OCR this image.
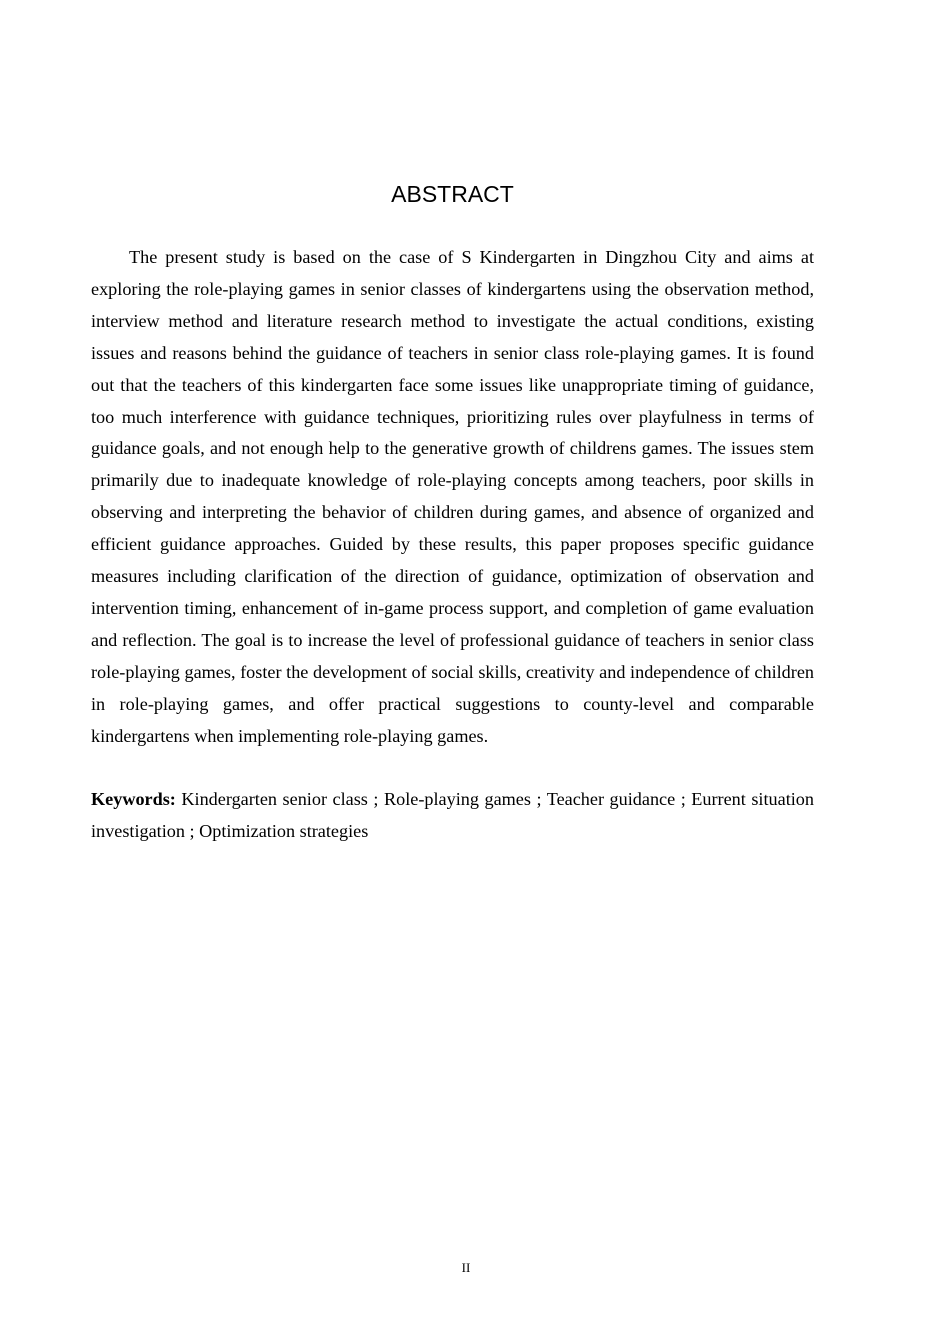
ABSTRACT

The present study is based on the case of S Kindergarten in Dingzhou City and aims at exploring the role-playing games in senior classes of kindergartens using the observation method, interview method and literature research method to investigate the actual conditions, existing issues and reasons behind the guidance of teachers in senior class role-playing games. It is found out that the teachers of this kindergarten face some issues like unappropriate timing of guidance, too much interference with guidance techniques, prioritizing rules over playfulness in terms of guidance goals, and not enough help to the generative growth of childrens games. The issues stem primarily due to inadequate knowledge of role-playing concepts among teachers, poor skills in observing and interpreting the behavior of children during games, and absence of organized and efficient guidance approaches. Guided by these results, this paper proposes specific guidance measures including clarification of the direction of guidance, optimization of observation and intervention timing, enhancement of in-game process support, and completion of game evaluation and reflection. The goal is to increase the level of professional guidance of teachers in senior class role-playing games, foster the development of social skills, creativity and independence of children in role-playing games, and offer practical suggestions to county-level and comparable kindergartens when implementing role-playing games.

Keywords: Kindergarten senior class ; Role-playing games ; Teacher guidance ; Eurrent situation investigation ; Optimization strategies

II
